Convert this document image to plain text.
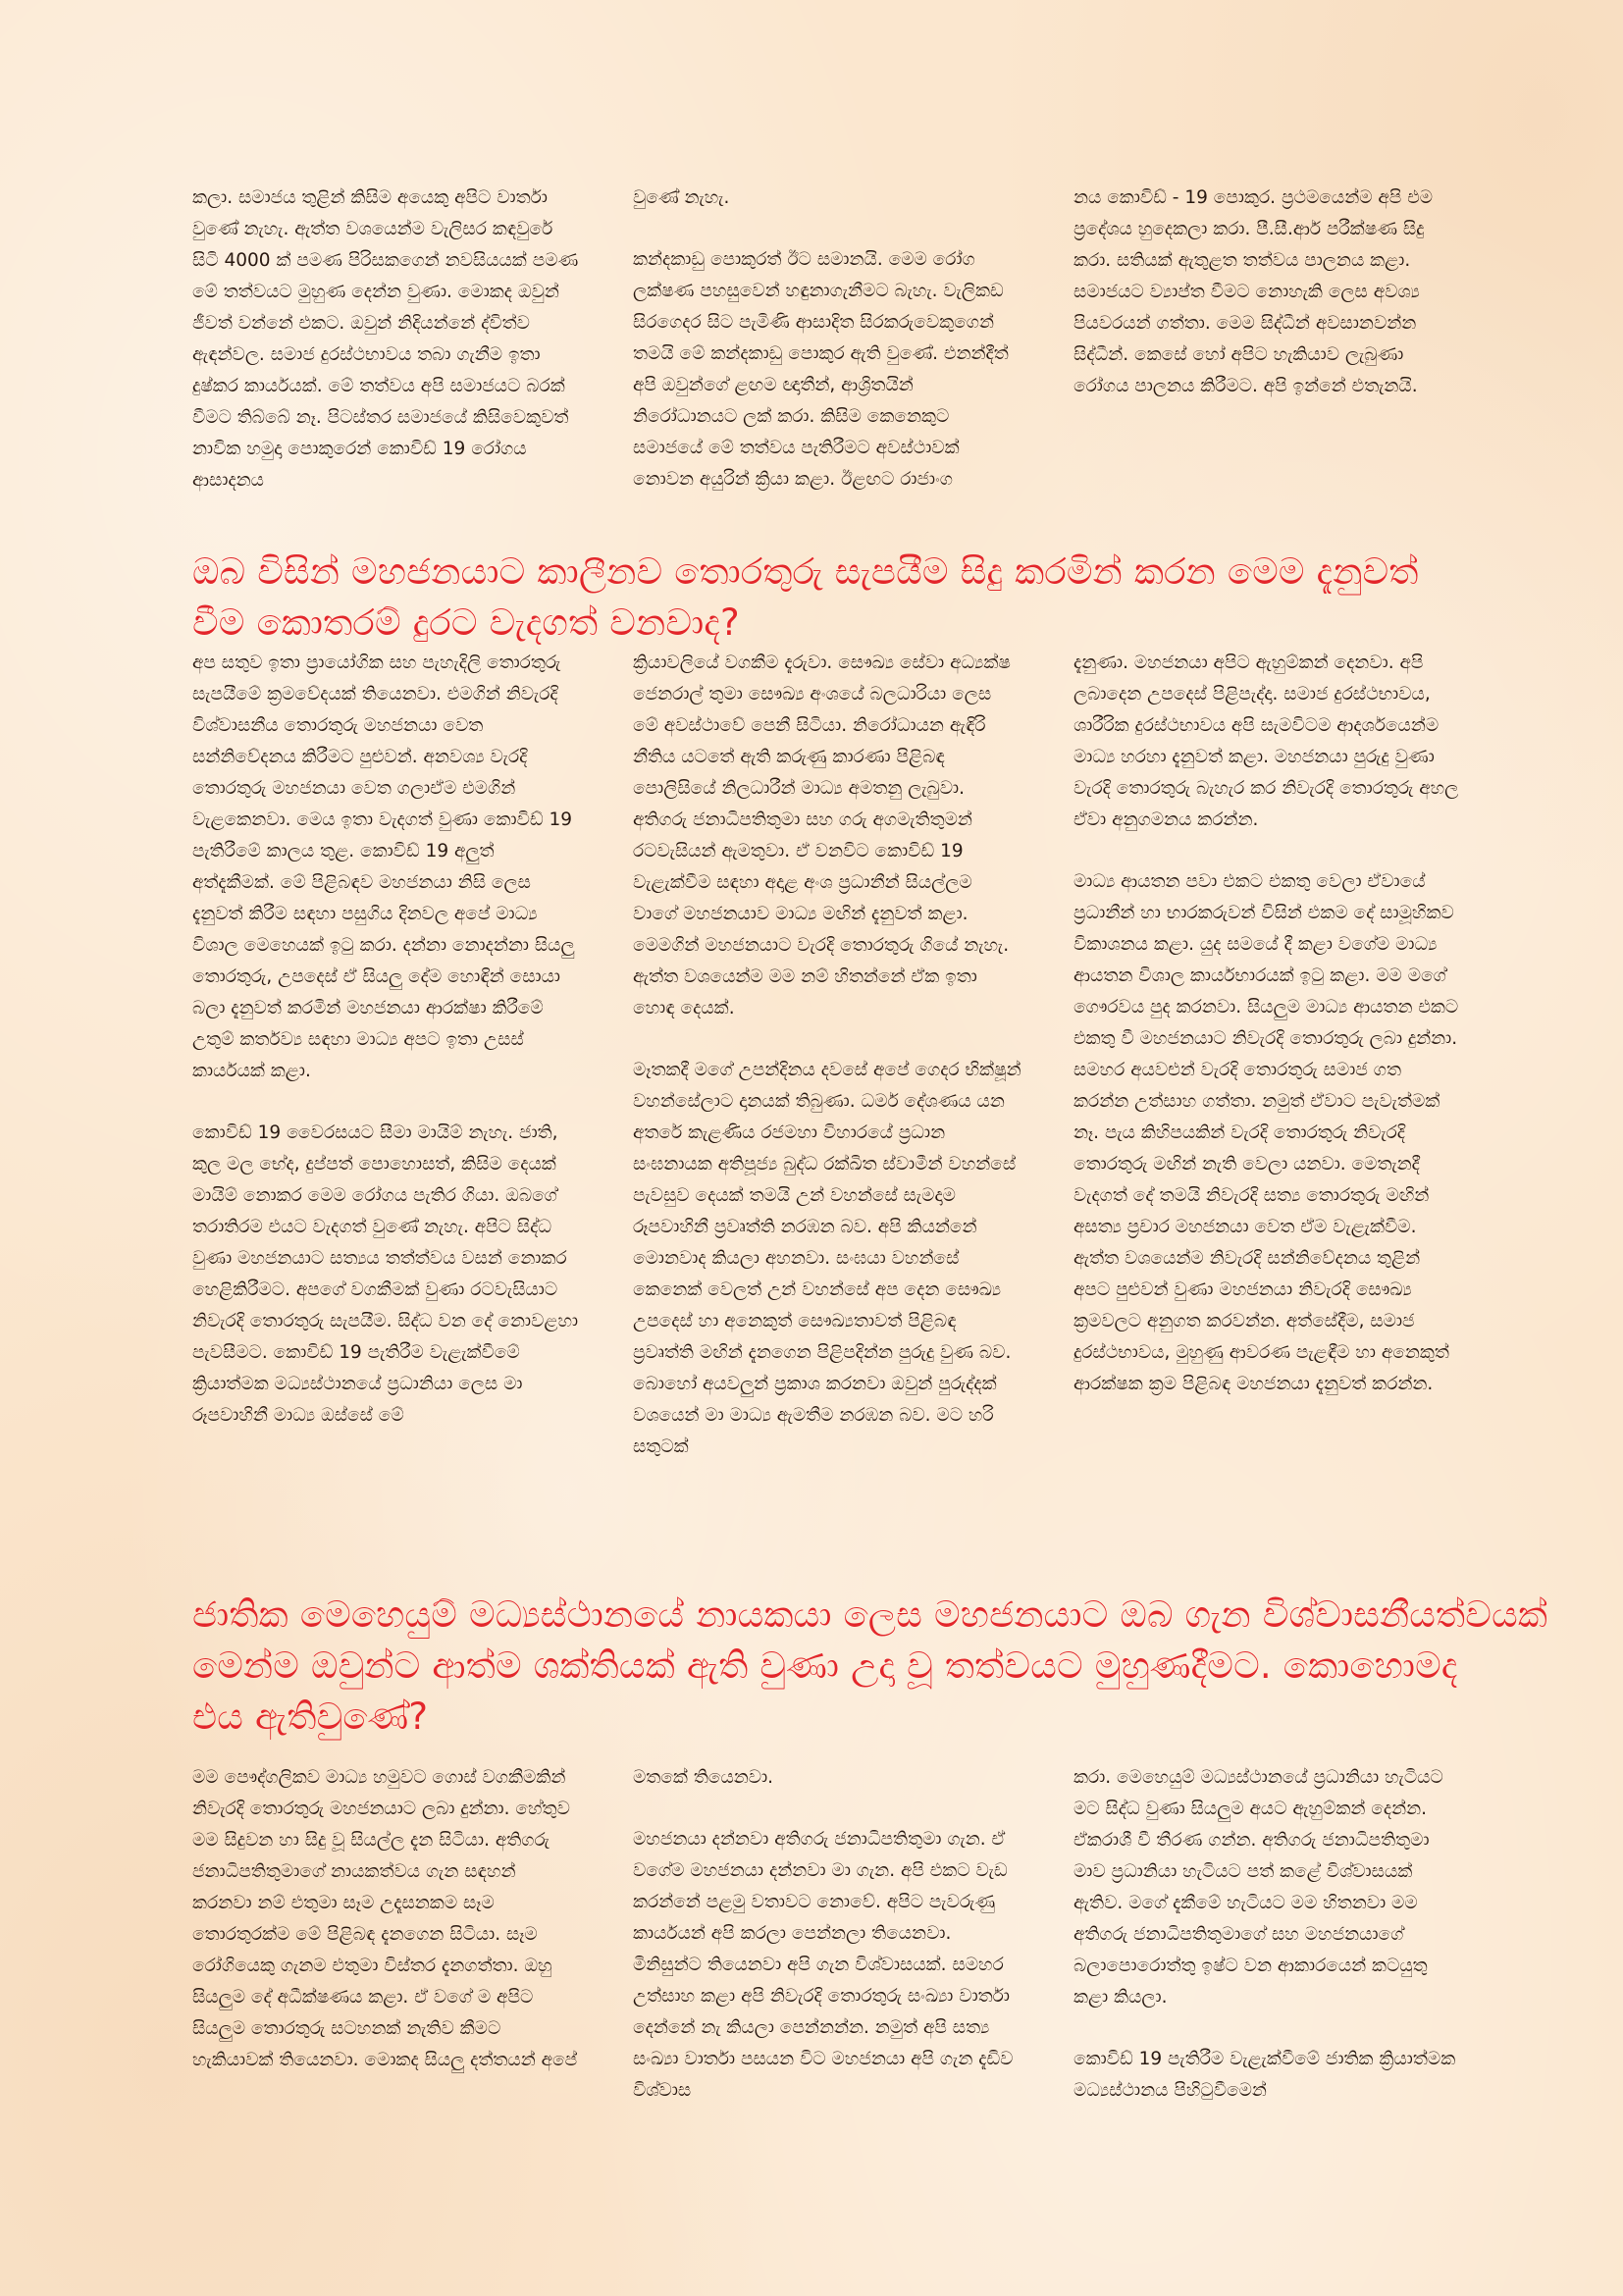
කලා. සමාජය තුළින් කිසිම අයෙකු අපිට වාර්තා වුණේ නැහැ. ඇත්ත වශයෙන්ම වැලිසර කඳවුරේ සිටි 4000 ක් පමණ පිරිසකගෙන් නවසියයක් පමණ මේ තත්වයට මුහුණ දෙන්න වුණා. මොකද ඔවුන් ජීවත් වන්නේ එකට. ඔවුන් නිදියන්නේ ද්විත්ව ඇඳන්වල. සමාජ දුරස්ථභාවය තබා ගැනීම ඉතා දුෂ්කර කාර්යයක්. මේ තත්වය අපි සමාජයට බරක් වීමට තිබ්බේ නෑ. පිටස්තර සමාජයේ කිසිවෙකුවත් නාවික හමුදා පොකුරෙන් කොවිඩ් 19 රෝගය ආසාදනය

වුණේ නැහැ.

කන්දකාඩු පොකුරත් ඊට සමානයි. මෙම රෝග ලක්ෂණ පහසුවෙන් හඳුනාගැනීමට බැහැ. වැලිකඩ සිරගෙදර සිට පැමිණි ආසාදිත සිරකරුවෙකුගෙන් තමයි මේ කන්දකාඩු පොකුර ඇති වුණේ. එනන්දීත් අපි ඔවුන්ගේ ළඟම ඥාතීන්, ආශ්‍රිතයින් නිරෝධානයට ලක් කරා. කිසිම කෙනෙකුට සමාජයේ මේ තත්වය පැතිරීමට අවස්ථාවක් නොවන අයුරින් ක්‍රියා කළා. ඊළඟට රාජාංග

නය කොවිඩ් - 19 පොකුර. ප්‍රථමයෙන්ම අපි එම ප්‍රදේශය හුදෙකලා කරා. පී.සී.ආර් පරීක්ෂණ සිදු කරා. සතියක් ඇතුළත තත්වය පාලනය කළා. සමාජයට ව්‍යාප්ත වීමට නොහැකි ලෙස අවශ්‍ය පියවරයන් ගත්තා. මෙම සිද්ධීන් අවසානවන්න සිද්ධීන්. කෙසේ හෝ අපිට හැකියාව ලැබුණා රෝගය පාලනය කිරීමට. අපි ඉන්නේ එතැනයි.

ඔබ විසින් මහජනයාට කාලීනව තොරතුරු සැපයීම සිදු කරමින් කරන මෙම දැනුවත්
වීම කොතරම් දුරට වැදගත් වනවාද?

අප සතුව ඉතා ප්‍රායෝගික සහ පැහැදිලි තොරතුරු සැපයීමේ ක්‍රමවේදයක් තියෙනවා. එමගින් නිවැරදි විශ්වාසනීය තොරතුරු මහජනයා වෙත සන්නිවේදනය කිරීමට පුළුවන්. අනවශ්‍ය වැරදි තොරතුරු මහජනයා වෙත ගලාඒම එමගින් වැළකෙනවා. මෙය ඉතා වැදගත් වුණා කොවිඩ් 19 පැතිරීමේ කාලය තුළ. කොවිඩ් 19 අලුත් අත්දැකීමක්. මේ පිළිබඳව මහජනයා නිසි ලෙස දැනුවත් කිරීම සඳහා පසුගිය දිනවල අපේ මාධ්‍ය විශාල මෙහෙයක් ඉටු කරා. දන්නා නොදන්නා සියලු තොරතුරු, උපදෙස් ඒ සියලු දේම හොඳින් සොයා බලා දැනුවත් කරමින් මහජනයා ආරක්ෂා කිරීමේ උතුම් කර්තව්‍ය සඳහා මාධ්‍ය අපට ඉතා උසස් කාර්යයක් කළා.

කොවිඩ් 19 වෛරසයට සීමා මායිම් නැහැ. ජාති, කුල මල භේද, දුප්පත් පොහොසත්, කිසිම දෙයක් මායිම් නොකර මෙම රෝගය පැතිර ගියා. ඔබගේ තරාතිරම එයට වැදගත් වුණේ නැහැ. අපිට සිද්ධ වුණා මහජනයාට සත්‍යය තත්ත්වය වසන් නොකර හෙළිකිරීමට. අපගේ වගකීමක් වුණා රටවැසියාට නිවැරදි තොරතුරු සැපයීම. සිද්ධ වන දේ නොවළහා පැවසීමට. කොවිඩ් 19 පැතිරීම වැළැක්වීමේ ක්‍රියාත්මක මධ්‍යස්ථානයේ ප්‍රධානියා ලෙස මා රූපවාහිනී මාධ්‍ය ඔස්සේ මේ

ක්‍රියාවලියේ වගකීම දැරුවා. සෞඛ්‍ය සේවා අධ්‍යක්ෂ ජෙනරාල් තුමා සෞඛ්‍ය අංශයේ බලධාරියා ලෙස මේ අවස්ථාවේ පෙනී සිටියා. නිරෝධායන ඇඳිරි නීතිය යටතේ ඇති කරුණු කාරණා පිළිබඳ පොලිසියේ නිලධාරීන් මාධ්‍ය අමතනු ලැබුවා. අතිගරු ජනාධිපතිතුමා සහ ගරු අගමැතිතුමන් රටවැසියන් ඇමතුවා. ඒ වනවිට කොවිඩ් 19 වැළැක්වීම සඳහා අදාළ අංශ ප්‍රධානීන් සියල්ලම වාගේ මහජනයාව මාධ්‍ය මඟින් දැනුවත් කළා. මෙමගින් මහජනයාට වැරදි තොරතුරු ගියේ නැහැ. ඇත්ත වශයෙන්ම මම නම් හිතන්නේ ඒක ඉතා හොඳ දෙයක්.

මෑතකදී මගේ උපන්දිනය දවසේ අපේ ගෙදර භික්ෂූන් වහන්සේලාට දානයක් තිබුණා. ධර්ම දේශණය යන අතරේ කැළණිය රජමහා විහාරයේ ප්‍රධාන සංඝනායක අතිපූජ්‍ය බුද්ධ රක්ඛිත ස්වාමීන් වහන්සේ පැවසුව දෙයක් තමයි උන් වහන්සේ සැමදාම රූපවාහිනී ප්‍රවෘත්ති නරඹන බව. අපි කියන්නේ මොනවාද කියලා අහනවා. සංඝයා වහන්සේ කෙනෙක් වෙලත් උන් වහන්සේ අප දෙන සෞඛ්‍ය උපදෙස් හා අනෙකුත් සෞඛ්‍යතාවත් පිළිබඳ ප්‍රවෘත්ති මඟින් දැනගෙන පිළිපදින්න පුරුදු වුණ බව. බොහෝ අයවලුන් ප්‍රකාශ කරනවා ඔවුන් පුරුද්දක් වශයෙන් මා මාධ්‍ය ඇමතීම නරඹන බව. මට හරි සතුටක්

දැනුණා. මහජනයා අපිට ඇහුම්කන් දෙනවා. අපි ලබාදෙන උපදෙස් පිළිපැද්දා. සමාජ දුරස්ථභාවය, ශාරීරික දුරස්ථභාවය අපි සැමවිටම ආදර්ශයෙන්ම මාධ්‍ය හරහා දැනුවත් කළා. මහජනයා පුරුදු වුණා වැරදි තොරතුරු බැහැර කර නිවැරදි තොරතුරු අහල ඒවා අනුගමනය කරන්න.

මාධ්‍ය ආයතන පවා එකට එකතු වෙලා ඒවායේ ප්‍රධානීන් හා භාරකරුවන් විසින් එකම දේ සාමූහිකව විකාශනය කළා. යුද සමයේ දී කළා වගේම මාධ්‍ය ආයතන විශාල කාර්යභාරයක් ඉටු කළා. මම මගේ ගෞරවය පුද කරනවා. සියලුම මාධ්‍ය ආයතන එකට එකතු වී මහජනයාට නිවැරදි තොරතුරු ලබා දුන්නා. සමහර අයවළුන් වැරදි තොරතුරු සමාජ ගත කරන්න උත්සාහ ගත්තා. නමුත් ඒවාට පැවැත්මක් නෑ. පැය කිහිපයකින් වැරදි තොරතුරු නිවැරදි තොරතුරු මඟින් නැති වෙලා යනවා. මෙතැනදී වැදගත් දේ තමයි නිවැරදි සත්‍ය තොරතුරු මඟින් අසත්‍ය ප්‍රචාර මහජනයා වෙත ඒම වැළැක්වීම. ඇත්ත වශයෙන්ම නිවැරදි සන්නිවේදනය තුළින් අපට පුළුවන් වුණා මහජනයා නිවැරදි සෞඛ්‍ය ක්‍රමවලට අනුගත කරවන්න. අත්සේදීම, සමාජ දුරස්ථභාවය, මුහුණු ආවරණ පැළඳීම හා අනෙකුත් ආරක්ෂක ක්‍රම පිළිබඳ මහජනයා දැනුවත් කරන්න.

ජාතික මෙහෙයුම් මධ්‍යස්ථානයේ නායකයා ලෙස මහජනයාට ඔබ ගැන විශ්වාසනීයත්වයක්
මෙන්ම ඔවුන්ට ආත්ම ශක්තියක් ඇති වුණා උදා වූ තත්වයට මුහුණදීමට. කොහොමද
එය ඇතිවුණේ?

මම පෞද්ගලිකව මාධ්‍ය හමුවට ගොස් වගකීමකින් නිවැරදි තොරතුරු මහජනයාට ලබා දුන්නා. හේතුව මම සිදුවන හා සිදු වූ සියල්ල දැන සිටියා. අතිගරු ජනාධිපතිතුමාගේ නායකත්වය ගැන සඳහන් කරනවා නම් එතුමා සෑම උදෑසනකම සෑම තොරතුරක්ම මේ පිළිබඳ දැනගෙන සිටියා. සෑම රෝගියෙකු ගැනම එතුමා විස්තර දැනගත්තා. ඔහු සියලුම දේ අධීක්ෂණය කළා. ඒ වගේ ම අපිට සියලුම තොරතුරු සටහනක් නැතිව කීමට හැකියාවක් තියෙනවා. මොකද සියලු දත්තයන් අපේ

මතකේ තියෙනවා.

මහජනයා දන්නවා අතිගරු ජනාධිපතිතුමා ගැන. ඒ වගේම මහජනයා දන්නවා මා ගැන. අපි එකට වැඩ කරන්නේ පළමු වතාවට නොවේ. අපිට පැවරුණු කාර්යයන් අපි කරලා පෙන්නලා තියෙනවා. මිනිසුන්ට තියෙනවා අපි ගැන විශ්වාසයක්. සමහර උත්සාහ කළා අපි නිවැරදි තොරතුරු සංඛ්‍යා වාර්තා දෙන්නේ නැ කියලා පෙන්නන්න. නමුත් අපි සත්‍ය සංඛ්‍යා වාර්තා පසයන විට මහජනයා අපි ගැන දැඩිව විශ්වාස

කරා. මෙහෙයුම් මධ්‍යස්ථානයේ ප්‍රධානියා හැටියට මට සිද්ධ වුණා සියලුම අයට ඇහුම්කන් දෙන්න. ඒකරාශී වී තීරණ ගන්න. අතිගරු ජනාධිපතිතුමා මාව ප්‍රධානියා හැටියට පත් කළේ විශ්වාසයක් ඇතිව. මගේ දැකීමේ හැටියට මම හිතනවා මම අතිගරු ජනාධිපතිතුමාගේ සහ මහජනයාගේ බලාපොරොත්තු ඉෂ්ට වන ආකාරයෙන් කටයුතු කළා කියලා.

කොවිඩ් 19 පැතිරීම වැළැක්වීමේ ජාතික ක්‍රියාත්මක මධ්‍යස්ථානය පිහිටුවීමෙන්
